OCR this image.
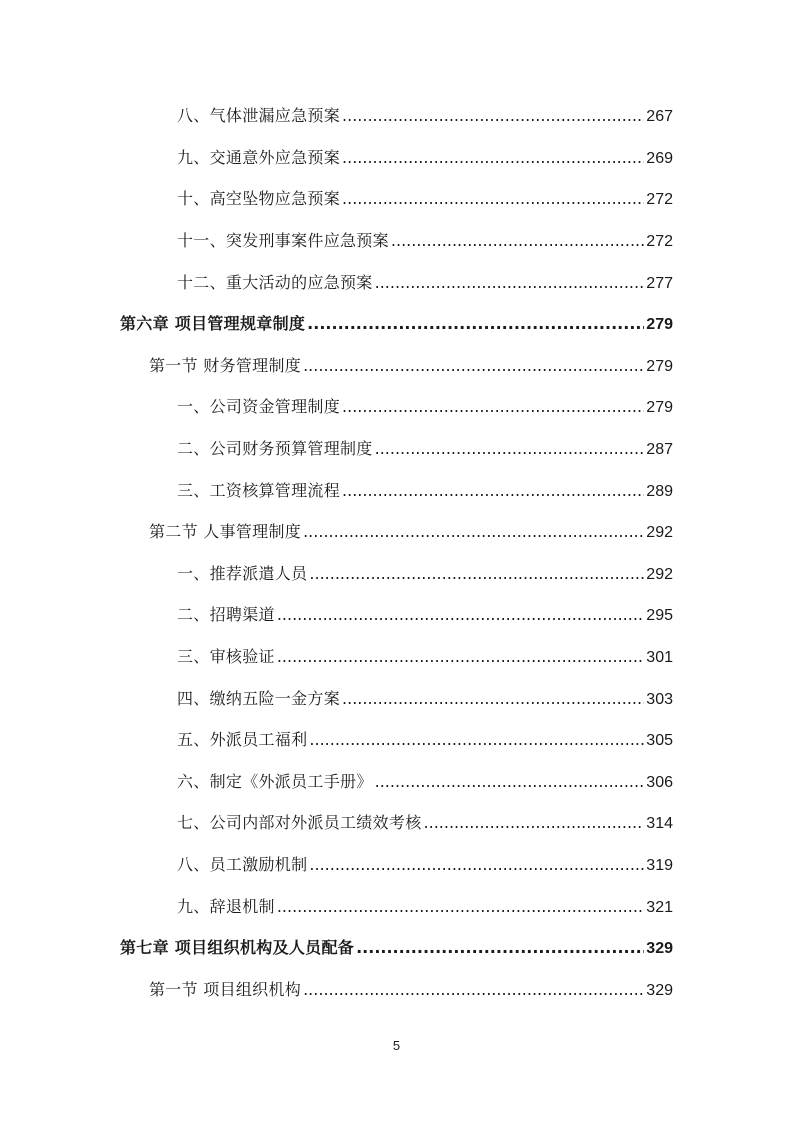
八、气体泄漏应急预案 .....	267
九、交通意外应急预案 .....	269
十、高空坠物应急预案 .....	272
十一、突发刑事案件应急预案 .....	272
十二、重大活动的应急预案 .....	277
第六章 项目管理规章制度 .....	279
第一节 财务管理制度 .....	279
一、公司资金管理制度 .....	279
二、公司财务预算管理制度 .....	287
三、工资核算管理流程 .....	289
第二节 人事管理制度 .....	292
一、推荐派遣人员 .....	292
二、招聘渠道 .....	295
三、审核验证 .....	301
四、缴纳五险一金方案 .....	303
五、外派员工福利 .....	305
六、制定《外派员工手册》 .....	306
七、公司内部对外派员工绩效考核 .....	314
八、员工激励机制 .....	319
九、辞退机制 .....	321
第七章 项目组织机构及人员配备 .....	329
第一节 项目组织机构 .....	329
5
